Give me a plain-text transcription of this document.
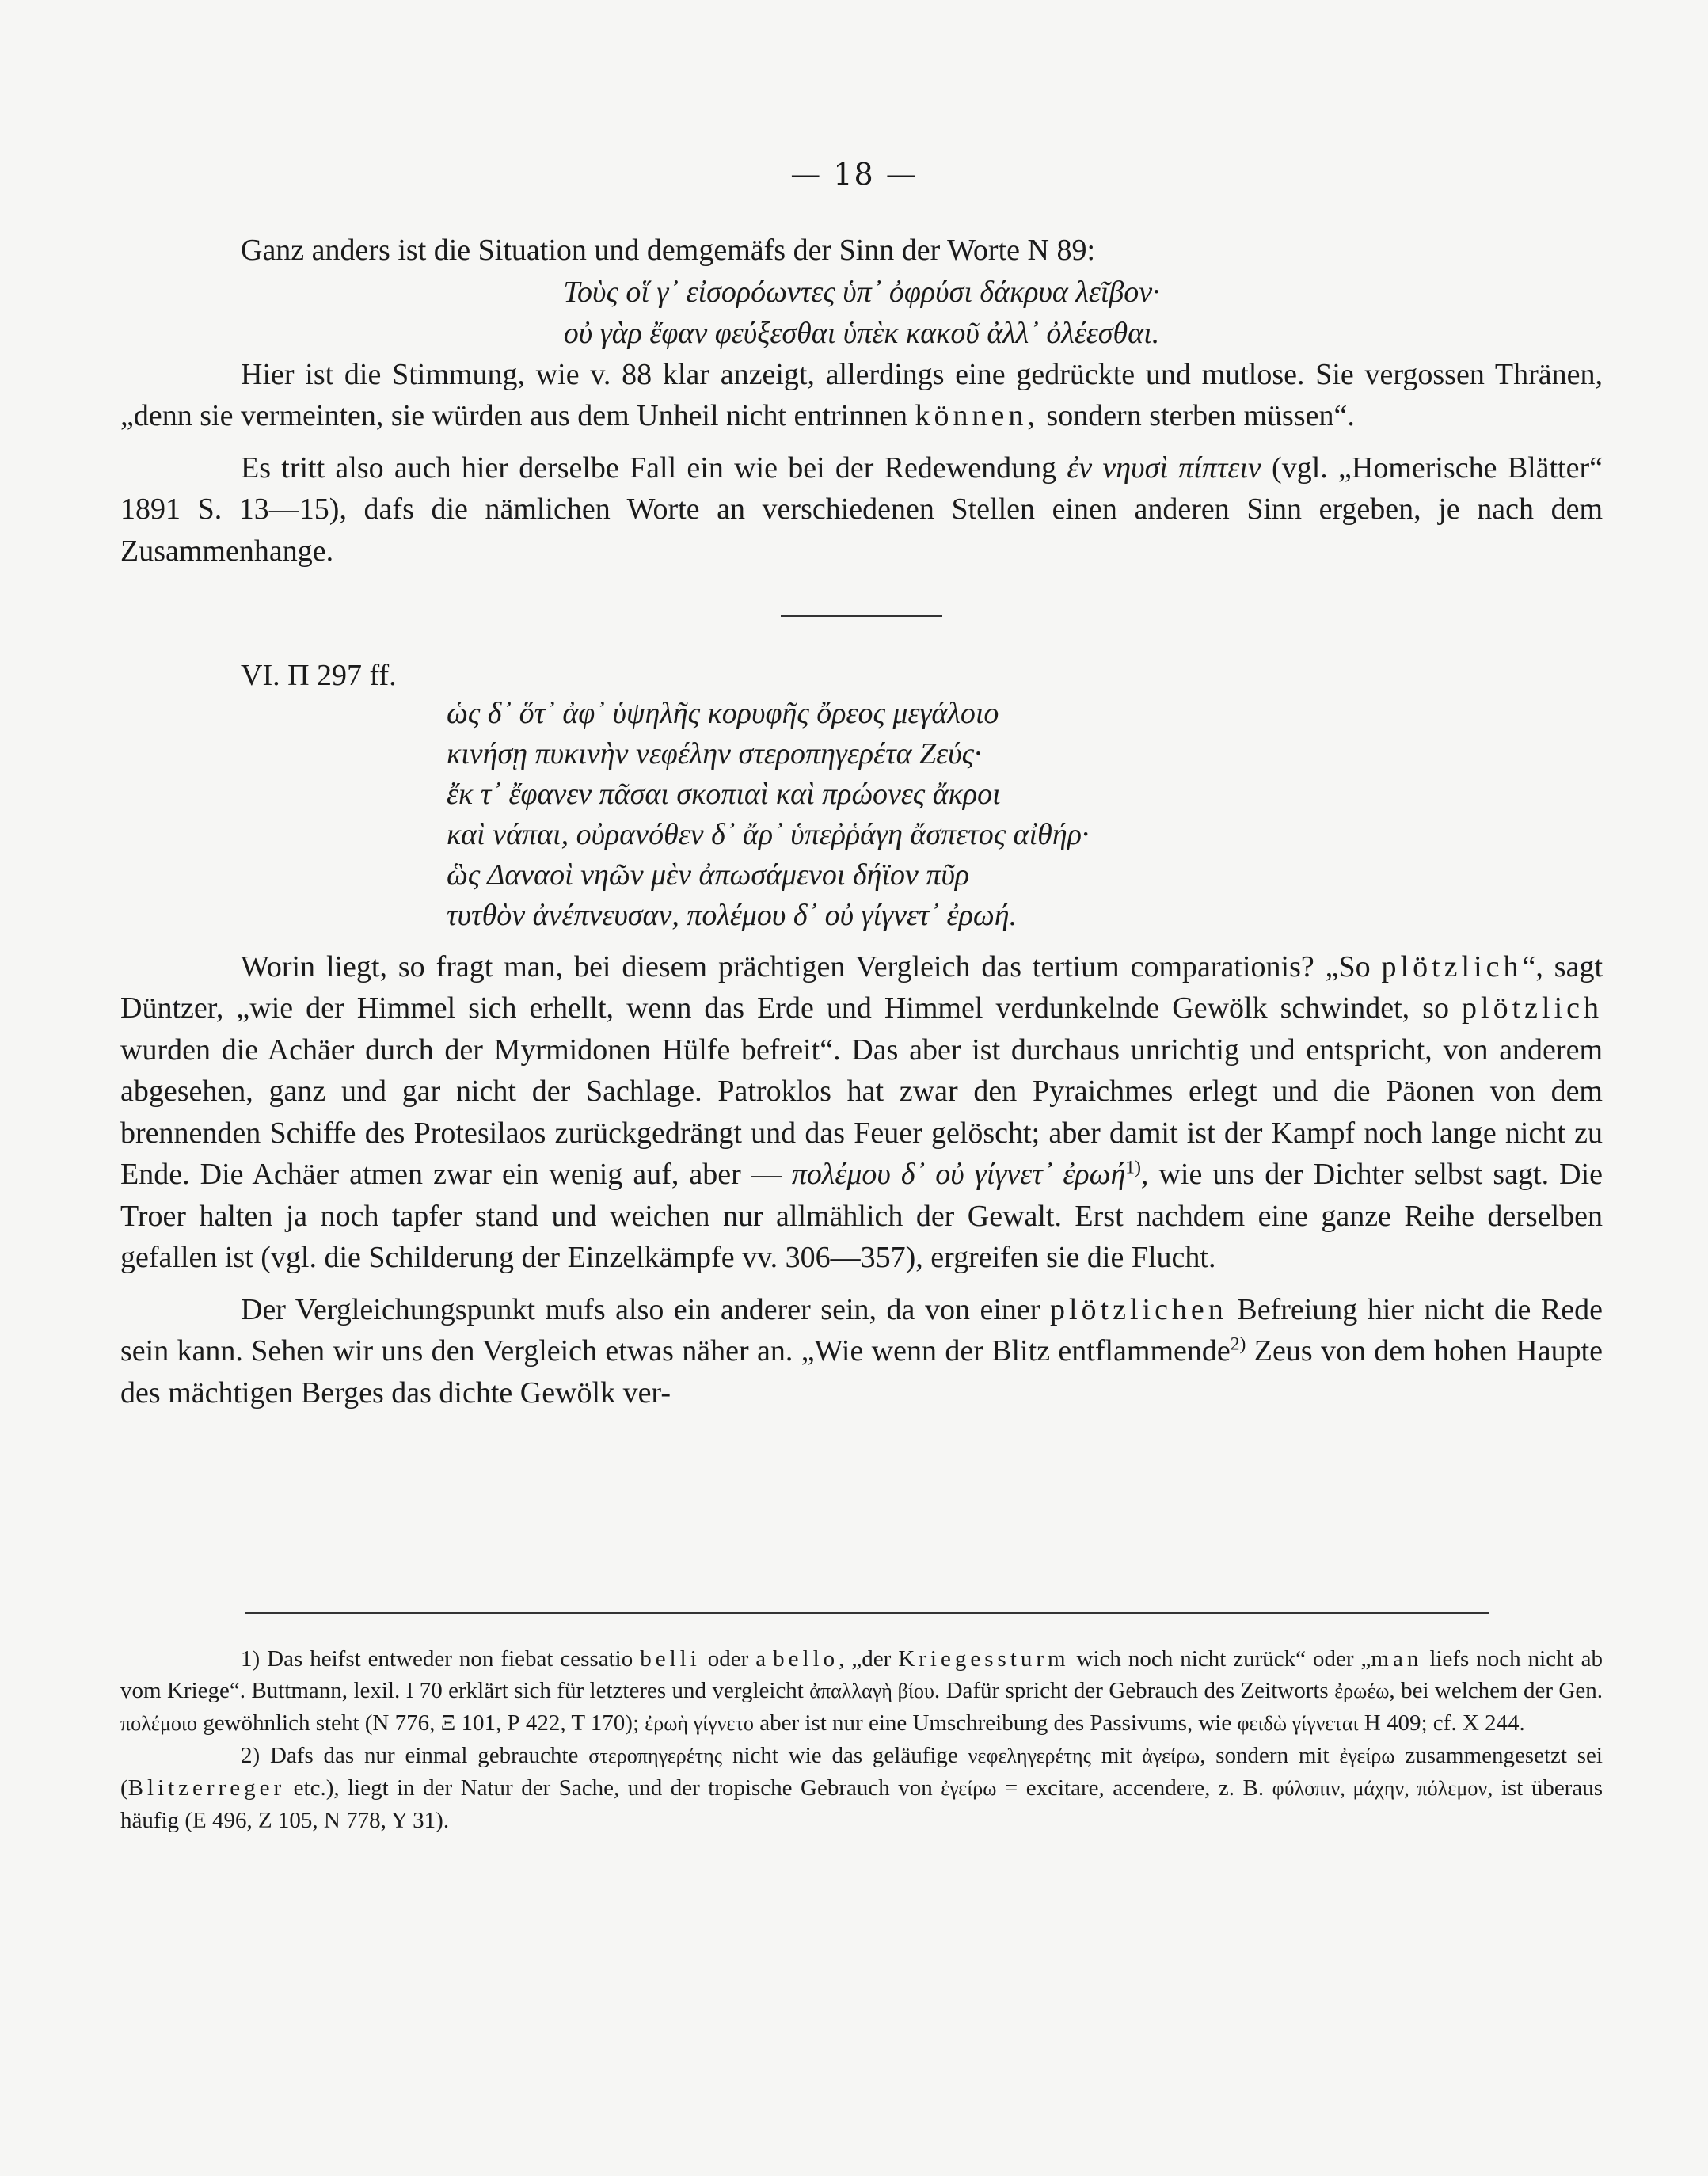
— 18 —

Ganz anders ist die Situation und demgemäfs der Sinn der Worte N 89:

Τοὺς οἵ γ᾽ εἰσορόωντες ὑπ᾽ ὀφρύσι δάκρυα λεῖβον·
οὐ γὰρ ἔφαν φεύξεσθαι ὑπὲκ κακοῦ ἀλλ᾽ ὀλέεσθαι.

Hier ist die Stimmung, wie v. 88 klar anzeigt, allerdings eine gedrückte und mutlose. Sie vergossen Thränen, „denn sie vermeinten, sie würden aus dem Unheil nicht entrinnen können, sondern sterben müssen“.

Es tritt also auch hier derselbe Fall ein wie bei der Redewendung ἐν νηυσὶ πίπτειν (vgl. „Homerische Blätter“ 1891 S. 13—15), dafs die nämlichen Worte an verschiedenen Stellen einen anderen Sinn ergeben, je nach dem Zusammenhange.

VI. Π 297 ff.
ὡς δ᾽ ὅτ᾽ ἀφ᾽ ὑψηλῆς κορυφῆς ὄρεος μεγάλοιο
κινήσῃ πυκινὴν νεφέλην στεροπηγερέτα Ζεύς·
ἔκ τ᾽ ἔφανεν πᾶσαι σκοπιαὶ καὶ πρώονες ἄκροι
καὶ νάπαι, οὐρανόθεν δ᾽ ἄρ᾽ ὑπεῤῥάγη ἄσπετος αἰθήρ·
ὣς Δαναοὶ νηῶν μὲν ἀπωσάμενοι δήϊον πῦρ
τυτθὸν ἀνέπνευσαν, πολέμου δ᾽ οὐ γίγνετ᾽ ἐρωή.

Worin liegt, so fragt man, bei diesem prächtigen Vergleich das tertium comparationis? „So plötzlich“, sagt Düntzer, „wie der Himmel sich erhellt, wenn das Erde und Himmel verdunkelnde Gewölk schwindet, so plötzlich wurden die Achäer durch der Myrmidonen Hülfe befreit“. Das aber ist durchaus unrichtig und entspricht, von anderem abgesehen, ganz und gar nicht der Sachlage. Patroklos hat zwar den Pyraichmes erlegt und die Päonen von dem brennenden Schiffe des Protesilaos zurückgedrängt und das Feuer gelöscht; aber damit ist der Kampf noch lange nicht zu Ende. Die Achäer atmen zwar ein wenig auf, aber — πολέμου δ᾽ οὐ γίγνετ᾽ ἐρωή$^{1)}$, wie uns der Dichter selbst sagt. Die Troer halten ja noch tapfer stand und weichen nur allmählich der Gewalt. Erst nachdem eine ganze Reihe derselben gefallen ist (vgl. die Schilderung der Einzelkämpfe vv. 306—357), ergreifen sie die Flucht.

Der Vergleichungspunkt mufs also ein anderer sein, da von einer plötzlichen Befreiung hier nicht die Rede sein kann. Sehen wir uns den Vergleich etwas näher an. „Wie wenn der Blitz entflammende$^{2)}$ Zeus von dem hohen Haupte des mächtigen Berges das dichte Gewölk ver-

1) Das heifst entweder non fiebat cessatio belli oder a bello, „der Kriegessturm wich noch nicht zurück“ oder „man liefs noch nicht ab vom Kriege“. Buttmann, lexil. I 70 erklärt sich für letzteres und vergleicht ἀπαλλαγὴ βίου. Dafür spricht der Gebrauch des Zeitworts ἐρωέω, bei welchem der Gen. πολέμοιο gewöhnlich steht (N 776, Ξ 101, Ρ 422, Τ 170); ἐρωὴ γίγνετο aber ist nur eine Umschreibung des Passivums, wie φειδὼ γίγνεται Η 409; cf. Χ 244.

2) Dafs das nur einmal gebrauchte στεροπηγερέτης nicht wie das geläufige νεφεληγερέτης mit ἀγείρω, sondern mit ἐγείρω zusammengesetzt sei (Blitzerreger etc.), liegt in der Natur der Sache, und der tropische Gebrauch von ἐγείρω = excitare, accendere, z. B. φύλοπιν, μάχην, πόλεμον, ist überaus häufig (Ε 496, Ζ 105, Ν 778, Υ 31).
